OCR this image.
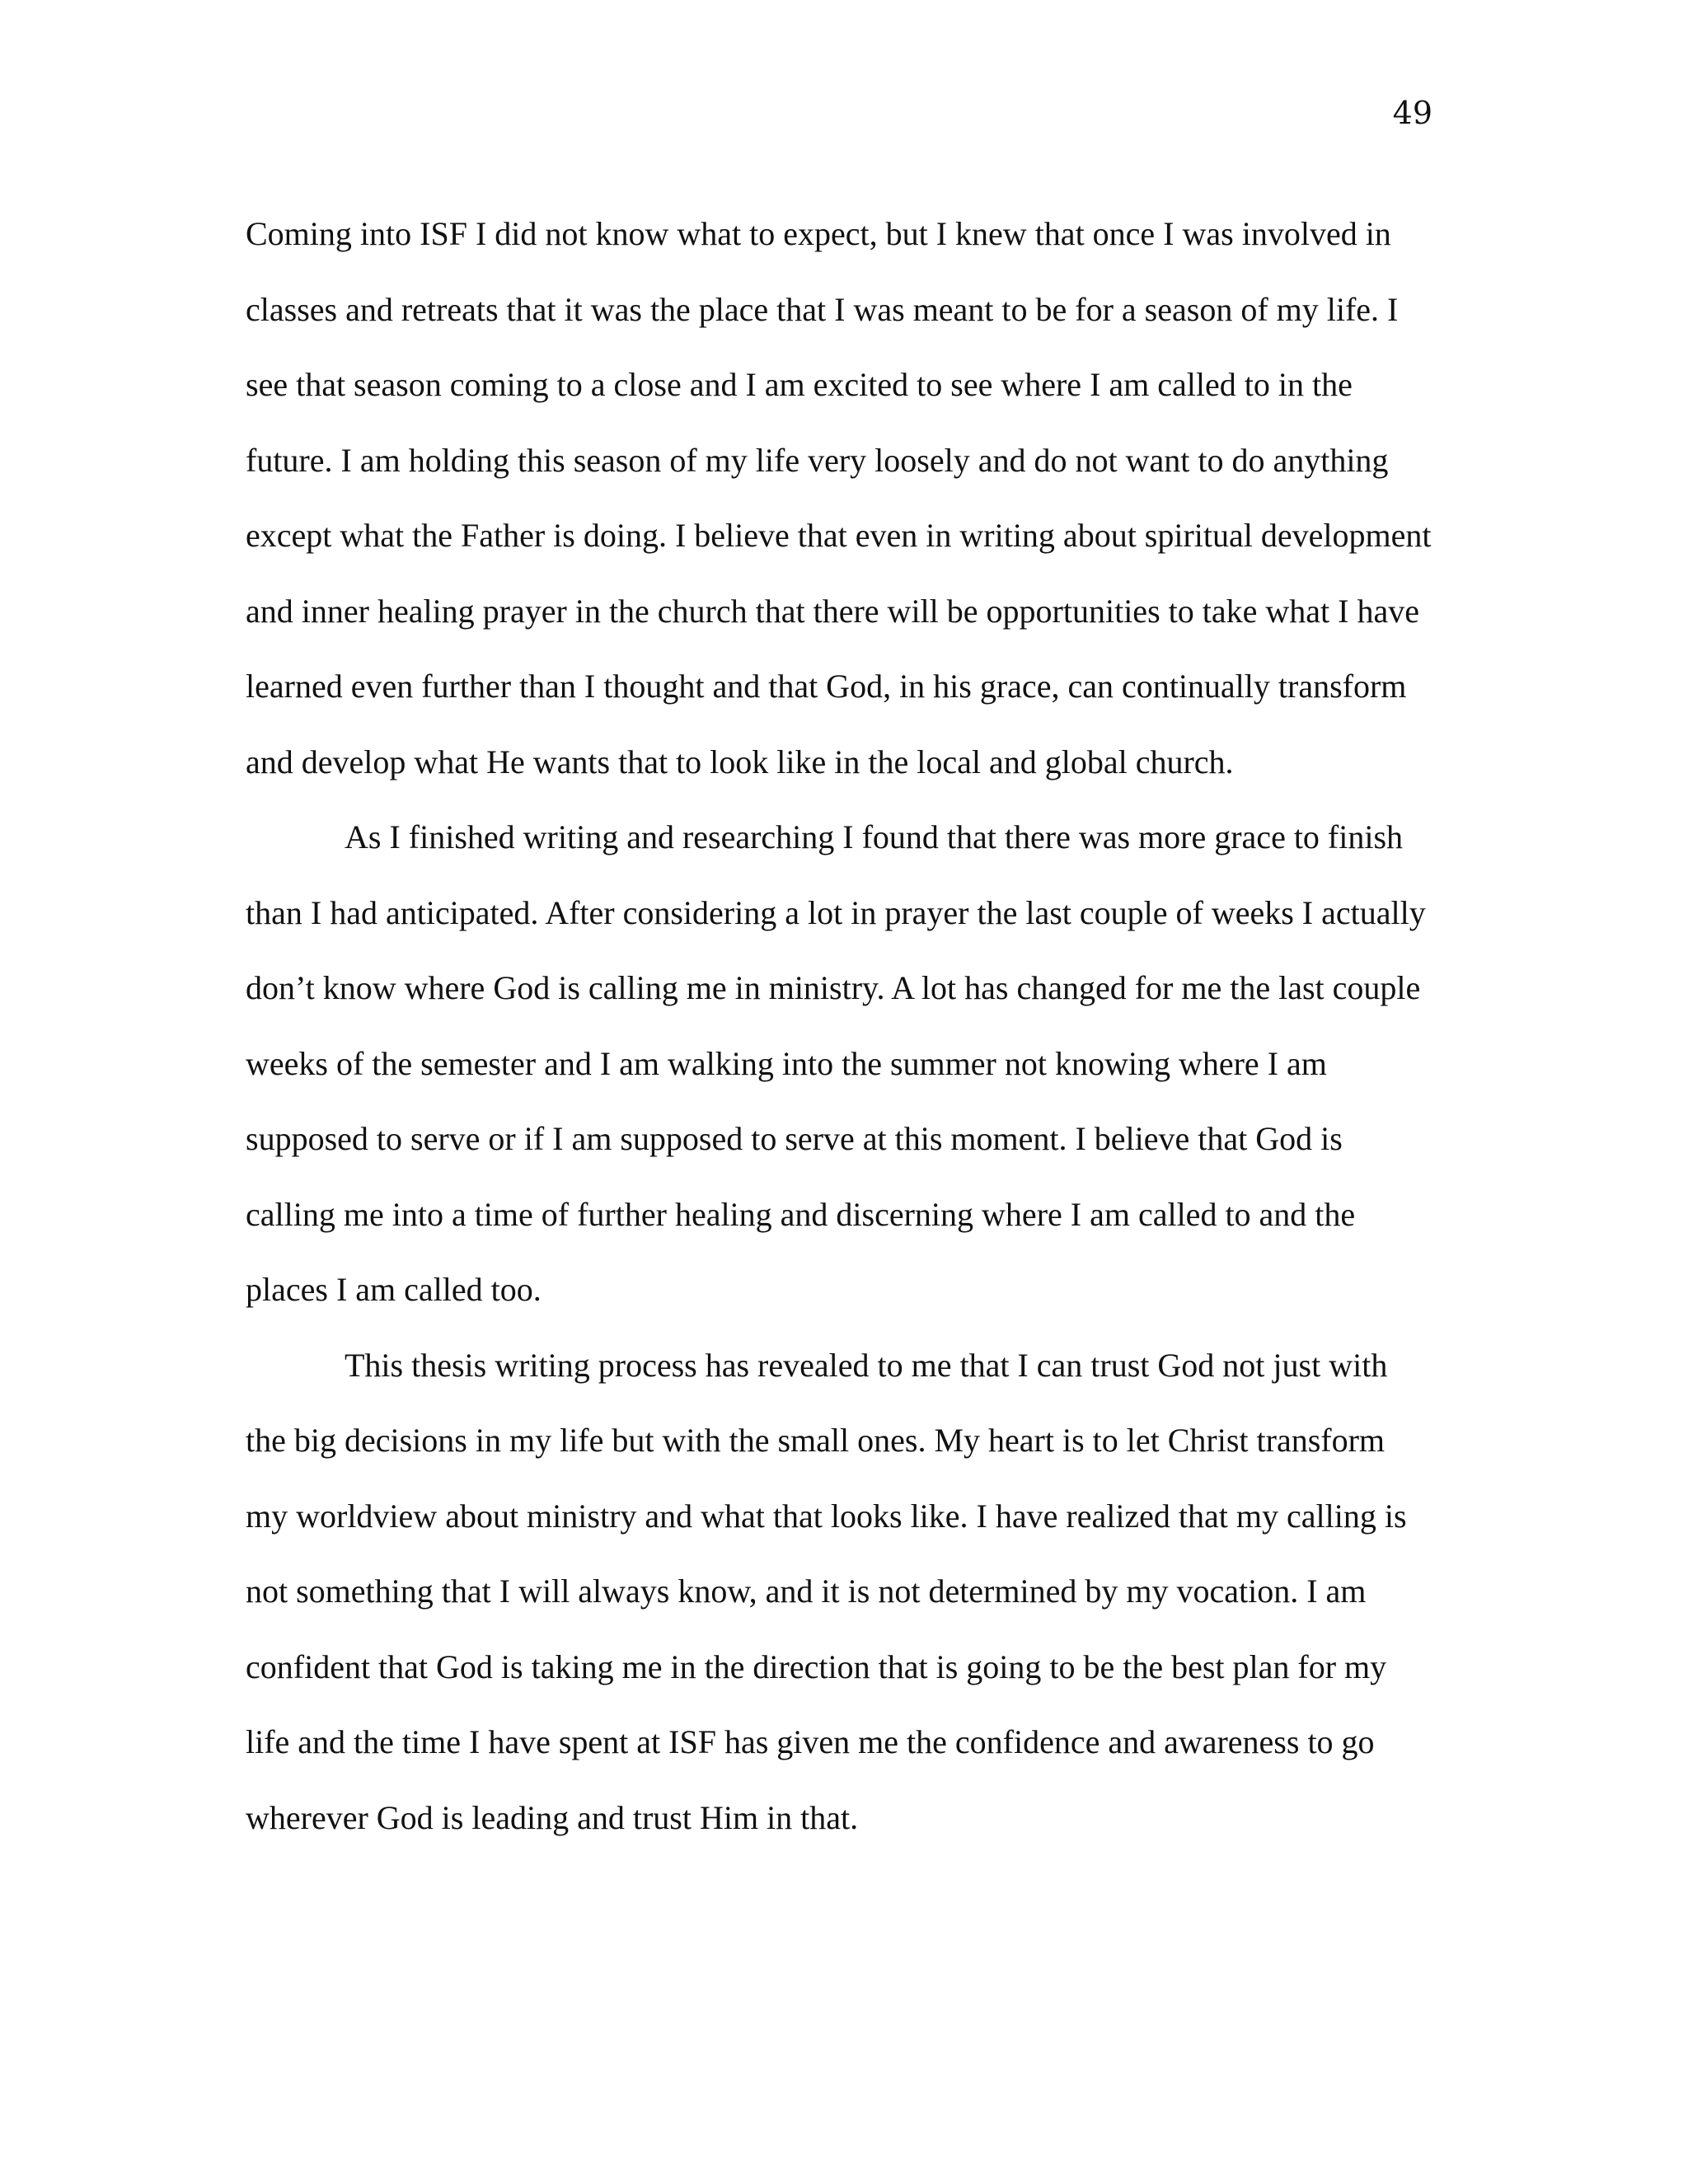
49

Coming into ISF I did not know what to expect, but I knew that once I was involved in
classes and retreats that it was the place that I was meant to be for a season of my life. I
see that season coming to a close and I am excited to see where I am called to in the
future. I am holding this season of my life very loosely and do not want to do anything
except what the Father is doing. I believe that even in writing about spiritual development
and inner healing prayer in the church that there will be opportunities to take what I have
learned even further than I thought and that God, in his grace, can continually transform
and develop what He wants that to look like in the local and global church.

As I finished writing and researching I found that there was more grace to finish
than I had anticipated. After considering a lot in prayer the last couple of weeks I actually
don’t know where God is calling me in ministry. A lot has changed for me the last couple
weeks of the semester and I am walking into the summer not knowing where I am
supposed to serve or if I am supposed to serve at this moment. I believe that God is
calling me into a time of further healing and discerning where I am called to and the
places I am called too.

This thesis writing process has revealed to me that I can trust God not just with
the big decisions in my life but with the small ones. My heart is to let Christ transform
my worldview about ministry and what that looks like. I have realized that my calling is
not something that I will always know, and it is not determined by my vocation. I am
confident that God is taking me in the direction that is going to be the best plan for my
life and the time I have spent at ISF has given me the confidence and awareness to go
wherever God is leading and trust Him in that.
